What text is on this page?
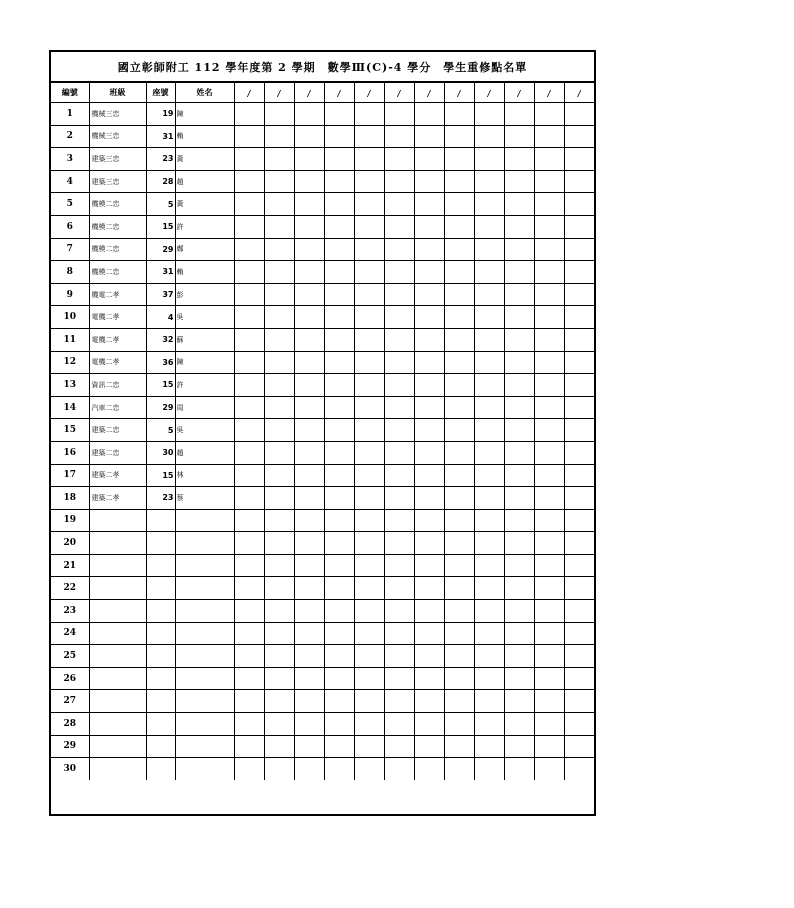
國立彰師附工 112 學年度第 2 學期　數學Ⅲ(C)-4 學分　學生重修點名單
編號	班級	座號	姓名	/	/	/	/	/	/	/	/	/	/	/	/
1	機械三忠	19	陳												
2	機械三忠	31	賴												
3	建築三忠	23	黃												
4	建築三忠	28	趙												
5	機模二忠	5	黃												
6	機模二忠	15	許												
7	機模二忠	29	鄭												
8	機模二忠	31	賴												
9	機電二孝	37	彭												
10	電機二孝	4	吳												
11	電機二孝	32	蘇												
12	電機二孝	36	陳												
13	資訊二忠	15	許												
14	汽車二忠	29	周												
15	建築二忠	5	吳												
16	建築二忠	30	趙												
17	建築二孝	15	林												
18	建築二孝	23	蔡												
19															
20															
21															
22															
23															
24															
25															
26															
27															
28															
29															
30															
